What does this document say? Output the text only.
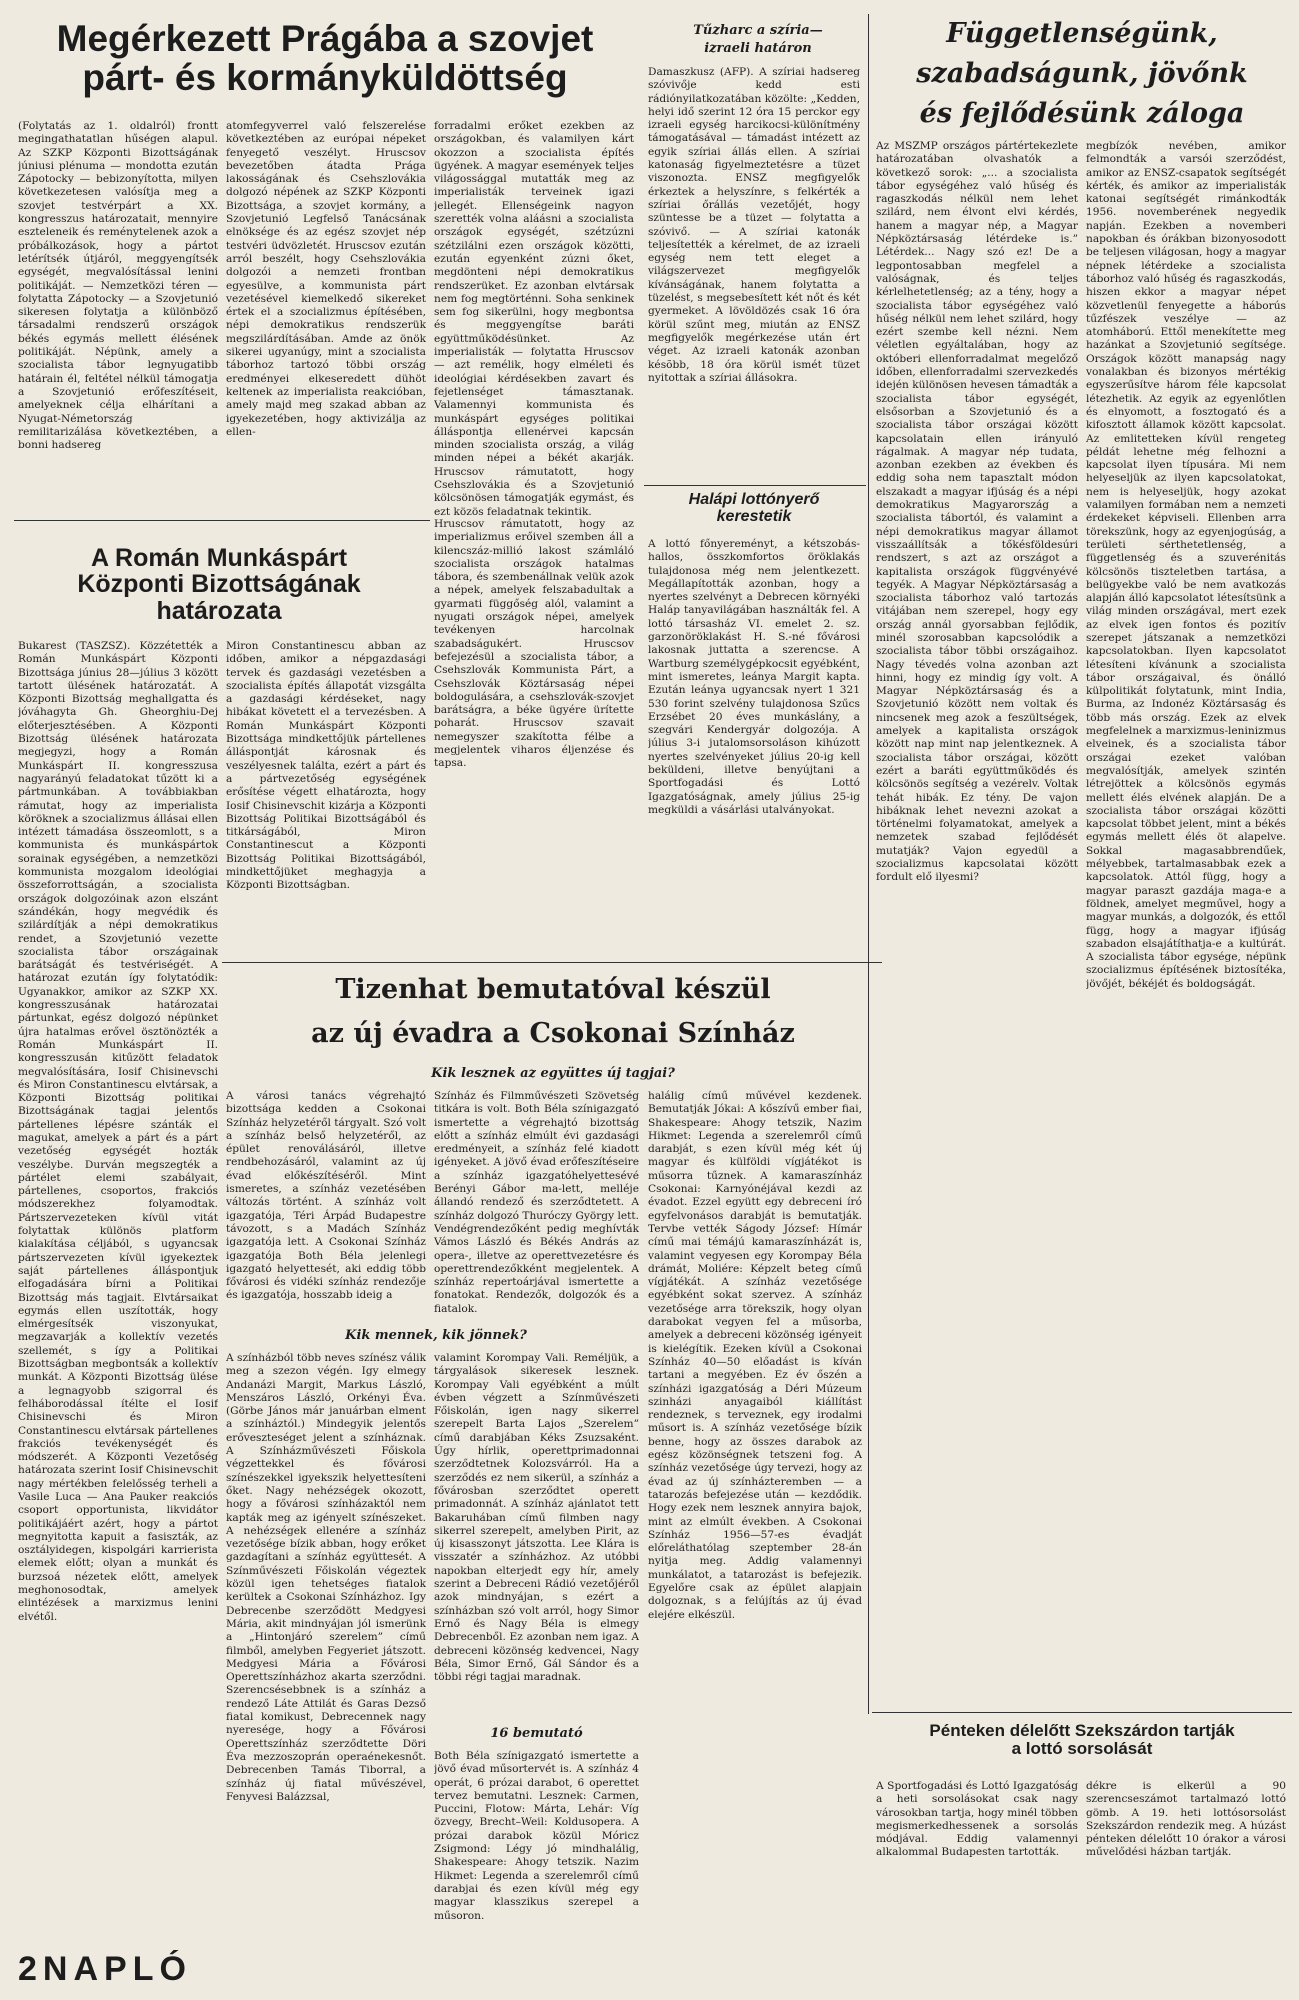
Megérkezett Prágába a szovjet
párt- és kormányküldöttség
(Folytatás az 1. oldalról) frontt megingathatatlan hűségen alapul. Az SZKP Központi Bizottságának júniusi plénuma — mondotta ezután Zápotocky — bebizonyította, milyen következetesen valósítja meg a szovjet testvérpárt a XX. kongresszus határozatait, mennyire eszteleneik és reménytelenek azok a próbálkozások, hogy a pártot letérítsék útjáról, meggyengítsék egységét, megvalósítással lenini politikáját. — Nemzetközi téren — folytatta Zápotocky — a Szovjetunió sikeresen folytatja a különböző társadalmi rendszerű országok békés egymás mellett élésének politikáját. Népünk, amely a szocialista tábor legnyugatibb határain él, feltétel nélkül támogatja a Szovjetunió erőfeszítéseit, amelyeknek célja elhárítani a Nyugat-Németország remilitarizálása következtében, a bonni hadsereg
atomfegyverrel való felszerelése következtében az európai népeket fenyegető veszélyt. Hruscsov bevezetőben átadta Prága lakosságának és Csehszlovákia dolgozó népének az SZKP Központi Bizottsága, a szovjet kormány, a Szovjetunió Legfelső Tanácsának elnöksége és az egész szovjet nép testvéri üdvözletét. Hruscsov ezután arról beszélt, hogy Csehszlovákia dolgozói a nemzeti frontban egyesülve, a kommunista párt vezetésével kiemelkedő sikereket értek el a szocializmus építésében, népi demokratikus rendszerük megszilárdításában. Amde az önök sikerei ugyanúgy, mint a szocialista táborhoz tartozó többi ország eredményei elkeseredett dühöt keltenek az imperialista reakcióban, amely majd meg szakad abban az igyekezetében, hogy aktivizálja az ellen-
forradalmi erőket ezekben az országokban, és valamilyen kárt okozzon a szocialista építés ügyének. A magyar események teljes világossággal mutatták meg az imperialisták terveinek igazi jellegét. Ellenségeink nagyon szerették volna aláásni a szocialista országok egységét, szétzúzni szétzilálni ezen országok közötti, ezután egyenként zúzni őket, megdönteni népi demokratikus rendszerüket. Ez azonban elvtársak nem fog megtörténni. Soha senkinek sem fog sikerülni, hogy megbontsa és meggyengítse baráti együttműködésünket. Az imperialisták — folytatta Hruscsov — azt remélik, hogy elméleti és ideológiai kérdésekben zavart és fejetlenséget támasztanak. Valamennyi kommunista és munkáspárt egységes politikai álláspontja ellenérvei kapcsán minden szocialista ország, a világ minden népei a békét akarják. Hruscsov rámutatott, hogy Csehszlovákia és a Szovjetunió kölcsönösen támogatják egymást, és ezt közös feladatnak tekintik.
Hruscsov rámutatott, hogy az imperializmus erőivel szemben áll a kilencszáz-millió lakost számláló szocialista országok hatalmas tábora, és szembenállnak velük azok a népek, amelyek felszabadultak a gyarmati függőség alól, valamint a nyugati országok népei, amelyek tevékenyen harcolnak szabadságukért. Hruscsov befejezésül a szocialista tábor, a Csehszlovák Kommunista Párt, a Csehszlovák Köztársaság népei boldogulására, a csehszlovák-szovjet barátságra, a béke ügyére ürítette poharát. Hruscsov szavait nemegyszer szakította félbe a megjelentek viharos éljenzése és tapsa.
A Román Munkáspárt
Központi Bizottságának
határozata
Bukarest (TASZSZ). Közzétették a Román Munkáspárt Központi Bizottsága június 28—július 3 között tartott ülésének határozatát. A Központi Bizottság meghallgatta és jóváhagyta Gh. Gheorghiu-Dej előterjesztésében. A Központi Bizottság ülésének határozata megjegyzi, hogy a Román Munkáspárt II. kongresszusa nagyarányú feladatokat tűzött ki a pártmunkában. A továbbiakban rámutat, hogy az imperialista köröknek a szocializmus állásai ellen intézett támadása összeomlott, s a kommunista és munkáspártok sorainak egységében, a nemzetközi kommunista mozgalom ideológiai összeforrottságán, a szocialista országok dolgozóinak azon elszánt szándékán, hogy megvédik és szilárdítják a népi demokratikus rendet, a Szovjetunió vezette szocialista tábor országainak barátságát és testvériségét. A határozat ezután így folytatódik: Ugyanakkor, amikor az SZKP XX. kongresszusának határozatai pártunkat, egész dolgozó népünket újra hatalmas erővel ösztönözték a Román Munkáspárt II. kongresszusán kitűzött feladatok megvalósítására, Iosif Chisinevschi és Miron Constantinescu elvtársak, a Központi Bizottság politikai Bizottságának tagjai jelentős pártellenes lépésre szánták el magukat, amelyek a párt és a párt vezetőség egységét hozták veszélybe. Durván megszegték a pártélet elemi szabályait, pártellenes, csoportos, frakciós módszerekhez folyamodtak. Pártszervezeteken kívül vitát folytattak különös platform kialakítása céljából, s ugyancsak pártszervezeten kívül igyekeztek saját pártellenes álláspontjuk elfogadására bírni a Politikai Bizottság más tagjait. Elvtársaikat egymás ellen uszították, hogy elmérgesítsék viszonyukat, megzavarják a kollektív vezetés szellemét, s így a Politikai Bizottságban megbontsák a kollektív munkát. A Központi Bizottság ülése a legnagyobb szigorral és felháborodással ítélte el Iosif Chisinevschi és Miron Constantinescu elvtársak pártellenes frakciós tevékenységét és módszerét. A Központi Vezetőség határozata szerint Iosif Chisinevschit nagy mértékben felelősség terheli a Vasile Luca — Ana Pauker reakciós csoport opportunista, likvidátor politikájáért azért, hogy a pártot megnyitotta kapuit a fasiszták, az osztályidegen, kispolgári karrierista elemek előtt; olyan a munkát és burzsoá nézetek előtt, amelyek meghonosodtak, amelyek elintézések a marxizmus lenini elvétől.
Miron Constantinescu abban az időben, amikor a népgazdasági tervek és gazdasági vezetésben a szocialista építés állapotát vizsgálta a gazdasági kérdéseket, nagy hibákat követett el a tervezésben. A Román Munkáspárt Központi Bizottsága mindkettőjük pártellenes álláspontját károsnak és veszélyesnek találta, ezért a párt és a pártvezetőség egységének erősítése végett elhatározta, hogy Iosif Chisinevschit kizárja a Központi Bizottság Politikai Bizottságából és titkárságából, Miron Constantinescut a Központi Bizottság Politikai Bizottságából, mindkettőjüket meghagyja a Központi Bizottságban.
Tűzharc a szíria—
izraeli határon
Damaszkusz (AFP). A szíriai hadsereg szóvivője kedd esti rádiónyilatkozatában közölte: „Kedden, helyi idő szerint 12 óra 15 perckor egy izraeli egység harcikocsi-különítmény támogatásával — támadást intézett az egyik szíriai állás ellen. A szíriai katonaság figyelmeztetésre a tüzet viszonozta. ENSZ megfigyelők érkeztek a helyszínre, s felkérték a szíriai őrállás vezetőjét, hogy szüntesse be a tüzet — folytatta a szóvivő. — A szíriai katonák teljesítették a kérelmet, de az izraeli egység nem tett eleget a világszervezet megfigyelők kívánságának, hanem folytatta a tüzelést, s megsebesített két nőt és két gyermeket. A lövöldözés csak 16 óra körül szűnt meg, miután az ENSZ megfigyelők megérkezése után ért véget. Az izraeli katonák azonban késõbb, 18 óra körül ismét tüzet nyitottak a szíriai állásokra.
Halápi lottónyerő
kerestetik
A lottó főnyereményt, a kétszobás-hallos, összkomfortos öröklakás tulajdonosa még nem jelentkezett. Megállapították azonban, hogy a nyertes szelvényt a Debrecen környéki Haláp tanyavilágában használták fel. A lottó társasház VI. emelet 2. sz. garzonöröklakást H. S.-né fővárosi lakosnak juttatta a szerencse. A Wartburg személygépkocsit egyébként, mint ismeretes, leánya Margit kapta. Ezután leánya ugyancsak nyert 1 321 530 forint szelvény tulajdonosa Szűcs Erzsébet 20 éves munkáslány, a szegvári Kendergyár dolgozója. A július 3-i jutalomsorsoláson kihúzott nyertes szelvényeket július 20-ig kell beküldeni, illetve benyújtani a Sportfogadási és Lottó Igazgatóságnak, amely július 25-ig megküldi a vásárlási utalványokat.
Függetlenségünk,
szabadságunk, jövőnk
és fejlődésünk záloga
Az MSZMP országos pártértekezlete határozatában olvashatók a következő sorok: „... a szocialista tábor egységéhez való hűség és ragaszkodás nélkül nem lehet szilárd, nem élvont elvi kérdés, hanem a magyar nép, a Magyar Népköztársaság létérdeke is.” Létérdek... Nagy szó ez! De a legpontosabban megfelel a valóságnak, és teljes kérlelhetetlenség; az a tény, hogy a szocialista tábor egységéhez való hűség nélkül nem lehet szilárd, hogy ezért szembe kell nézni. Nem véletlen egyáltalában, hogy az októberi ellenforradalmat megelőző időben, ellenforradalmi szervezkedés idején különösen hevesen támadták a szocialista tábor egységét, elsősorban a Szovjetunió és a szocialista tábor országai között kapcsolatain ellen irányuló rágalmak. A magyar nép tudata, azonban ezekben az években és eddig soha nem tapasztalt módon elszakadt a magyar ifjúság és a népi demokratikus Magyarország a szocialista tábortól, és valamint a népi demokratikus magyar államot visszaállítsák a tőkésföldesúri rendszert, s azt az országot a kapitalista országok függvényévé tegyék. A Magyar Népköztársaság a szocialista táborhoz való tartozás vitájában nem szerepel, hogy egy ország annál gyorsabban fejlődik, minél szorosabban kapcsolódik a szocialista tábor többi országaihoz. Nagy tévedés volna azonban azt hinni, hogy ez mindig így volt. A Magyar Népköztársaság és a Szovjetunió között nem voltak és nincsenek meg azok a feszültségek, amelyek a kapitalista országok között nap mint nap jelentkeznek. A szocialista tábor országai, között ezért a baráti együttműködés és kölcsönös segítség a vezérelv. Voltak tehát hibák. Ez tény. De vajon hibáknak lehet nevezni azokat a történelmi folyamatokat, amelyek a nemzetek szabad fejlődését mutatják? Vajon egyedül a szocializmus kapcsolatai között fordult elő ilyesmi?
megbízók nevében, amikor felmondták a varsói szerződést, amikor az ENSZ-csapatok segítségét kérték, és amikor az imperialisták katonai segítségét rimánkodták 1956. novemberének negyedik napján. Ezekben a novemberi napokban és órákban bizonyosodott be teljesen világosan, hogy a magyar népnek létérdeke a szocialista táborhoz való hűség és ragaszkodás, hiszen ekkor a magyar népet közvetlenül fenyegette a háborús tűzfészek veszélye — az atomháború. Ettől menekítette meg hazánkat a Szovjetunió segítsége. Országok között manapság nagy vonalakban és bizonyos mértékig egyszerűsítve három féle kapcsolat létezhetik. Az egyik az egyenlőtlen és elnyomott, a fosztogató és a kifosztott államok között kapcsolat. Az emlitetteken kívül rengeteg példát lehetne még felhozni a kapcsolat ilyen típusára. Mi nem helyeseljük az ilyen kapcsolatokat, nem is helyeseljük, hogy azokat valamilyen formában nem a nemzeti érdekeket képviseli. Ellenben arra törekszünk, hogy az egyenjogúság, a területi sérthetetlenség, a függetlenség és a szuverénitás kölcsönös tiszteletben tartása, a belügyekbe való be nem avatkozás alapján álló kapcsolatot létesítsünk a világ minden országával, mert ezek az elvek igen fontos és pozitív szerepet játszanak a nemzetközi kapcsolatokban. Ilyen kapcsolatot létesíteni kívánunk a szocialista tábor országaival, és önálló külpolitikát folytatunk, mint India, Burma, az Indonéz Köztársaság és több más ország. Ezek az elvek megfelelnek a marxizmus-leninizmus elveinek, és a szocialista tábor országai ezeket valóban megvalósítják, amelyek szintén létrejöttek a kölcsönös egymás mellett élés elvének alapján. De a szocialista tábor országai közötti kapcsolat többet jelent, mint a békés egymás mellett élés öt alapelve. Sokkal magasabbrendűek, mélyebbek, tartalmasabbak ezek a kapcsolatok. Attól függ, hogy a magyar paraszt gazdája maga-e a földnek, amelyet megművel, hogy a magyar munkás, a dolgozók, és ettől függ, hogy a magyar ifjúság szabadon elsajátíthatja-e a kultúrát. A szocialista tábor egysége, népünk szocializmus építésének biztosítéka, jövőjét, békéjét és boldogságát.
Tizenhat bemutatóval készül
az új évadra a Csokonai Színház
Kik lesznek az együttes új tagjai?
A városi tanács végrehajtó bizottsága kedden a Csokonai Színház helyzetéről tárgyalt. Szó volt a színház belső helyzetéről, az épület renoválásáról, illetve rendbehozásáról, valamint az új évad előkészítéséről. Mint ismeretes, a színház vezetésében változás történt. A színház volt igazgatója, Téri Árpád Budapestre távozott, s a Madách Színház igazgatója lett. A Csokonai Színház igazgatója Both Béla jelenlegi igazgató helyettesét, aki eddig több fővárosi és vidéki színház rendezője és igazgatója, hosszabb ideig a
Kik mennek, kik jönnek?
A színházból több neves színész válik meg a szezon végén. Igy elmegy Andanázi Margit, Markus László, Menszáros László, Orkényi Éva. (Görbe János már januárban elment a színháztól.) Mindegyik jelentős erőveszteséget jelent a színháznak. A Színházművészeti Főiskola végzettekkel és fővárosi színészekkel igyekszik helyettesíteni őket. Nagy nehézségek okozott, hogy a fővárosi színházaktól nem kapták meg az igényelt színészeket. A nehézségek ellenére a színház vezetősége bízik abban, hogy erőket gazdagítani a színház együttesét. A Színművészeti Főiskolán végeztek közül igen tehetséges fiatalok kerültek a Csokonai Színházhoz. Igy Debrecenbe szerződött Medgyesi Mária, akit mindnyájan jól ismerünk a „Hintonjáró szerelem” című filmből, amelyben Fegyeriet játszott. Medgyesi Mária a Fővárosi Operettszínházhoz akarta szerződni. Szerencsésebbnek is a színház a rendező Láte Attilát és Garas Dezső fiatal komikust, Debrecennek nagy nyeresége, hogy a Fővárosi Operettszínház szerződtette Döri Éva mezzoszoprán operaénekesnőt. Debrecenben Tamás Tiborral, a színház új fiatal művészével, Fenyvesi Balázzsal,
Színház és Filmművészeti Szövetség titkára is volt. Both Béla színigazgató ismertette a végrehajtó bizottság előtt a színház elmúlt évi gazdasági eredményeit, a színház felé kiadott igényeket. A jövő évad erőfeszítéseire a színház igazgatóhelyettesévé Berényi Gábor ma-lett, melléje állandó rendező és szerződtetett. A színház dolgozó Thuróczy György lett. Vendégrendezőként pedig meghívták Vámos László és Békés András az opera-, illetve az operettvezetésre és operettrendezőkként megjelentek. A színház repertoárjával ismertette a fonatokat. Rendezők, dolgozók és a fiatalok.
valamint Korompay Vali. Reméljük, a tárgyalások sikeresek lesznek. Korompay Vali egyébként a múlt évben végzett a Színművészeti Főiskolán, igen nagy sikerrel szerepelt Barta Lajos „Szerelem” című darabjában Kéks Zsuzsaként. Úgy hírlik, operettprimadonnai szerződtetnek Kolozsvárról. Ha a szerződés ez nem sikerül, a színház a fővárosban szerződtet operett primadonnát. A színház ajánlatot tett Bakaruhában című filmben nagy sikerrel szerepelt, amelyben Pirit, az új kisasszonyt játszotta. Lee Klára is visszatér a színházhoz. Az utóbbi napokban elterjedt egy hír, amely szerint a Debreceni Rádió vezetőjéről azok mindnyájan, s ezért a színházban szó volt arról, hogy Simor Ernő és Nagy Béla is elmegy Debrecenből. Ez azonban nem igaz. A debreceni közönség kedvencei, Nagy Béla, Simor Ernő, Gál Sándor és a többi régi tagjai maradnak.
16 bemutató
Both Béla színigazgató ismertette a jövő évad műsortervét is. A színház 4 operát, 6 prózai darabot, 6 operettet tervez bemutatni. Lesznek: Carmen, Puccini, Flotow: Márta, Lehár: Víg özvegy, Brecht–Weil: Koldusopera. A prózai darabok közül Móricz Zsigmond: Légy jó mindhalálig, Shakespeare: Ahogy tetszik. Nazim Hikmet: Legenda a szerelemről című darabjai és ezen kívül még egy magyar klasszikus szerepel a műsoron.
halálig című művével kezdenek. Bemutatják Jókai: A kőszívű ember fiai, Shakespeare: Ahogy tetszik, Nazim Hikmet: Legenda a szerelemről című darabját, s ezen kívül még két új magyar és külföldi vígjátékot is műsorra tűznek. A kamaraszínház Csokonai: Karnyónéjával kezdi az évadot. Ezzel együtt egy debreceni író egyfelvonásos darabját is bemutatják. Tervbe vették Ságody József: Hímár című mai témájú kamaraszínházát is, valamint vegyesen egy Korompay Béla drámát, Moliére: Képzelt beteg című vígjátékát. A színház vezetősége egyébként sokat szervez. A színház vezetősége arra törekszik, hogy olyan darabokat vegyen fel a műsorba, amelyek a debreceni közönség igényeit is kielégítik. Ezeken kívül a Csokonai Színház 40—50 előadást is kíván tartani a megyében. Ez év őszén a színházi igazgatóság a Déri Múzeum szinházi anyagaiból kiállítást rendeznek, s terveznek, egy irodalmi műsort is. A színház vezetősége bízik benne, hogy az összes darabok az egész közönségnek tetszeni fog. A színház vezetősége úgy tervezi, hogy az évad az új színházteremben — a tatarozás befejezése után — kezdődik. Hogy ezek nem lesznek annyira bajok, mint az elmúlt években. A Csokonai Színház 1956—57-es évadját előreláthatólag szeptember 28-án nyitja meg. Addig valamennyi munkálatot, a tatarozást is befejezik. Egyelőre csak az épület alapjain dolgoznak, s a felújítás az új évad elejére elkészül.
Pénteken délelőtt Szekszárdon tartják
a lottó sorsolását
A Sportfogadási és Lottó Igazgatóság a heti sorsolásokat csak nagy városokban tartja, hogy minél többen megismerkedhessenek a sorsolás módjával. Eddig valamennyi alkalommal Budapesten tartották.
dékre is elkerül a 90 szerencseszámot tartalmazó lottó gömb. A 19. heti lottósorsolást Szekszárdon rendezik meg. A húzást pénteken délelőtt 10 órakor a városi művelődési házban tartják.
2NAPLÓ
